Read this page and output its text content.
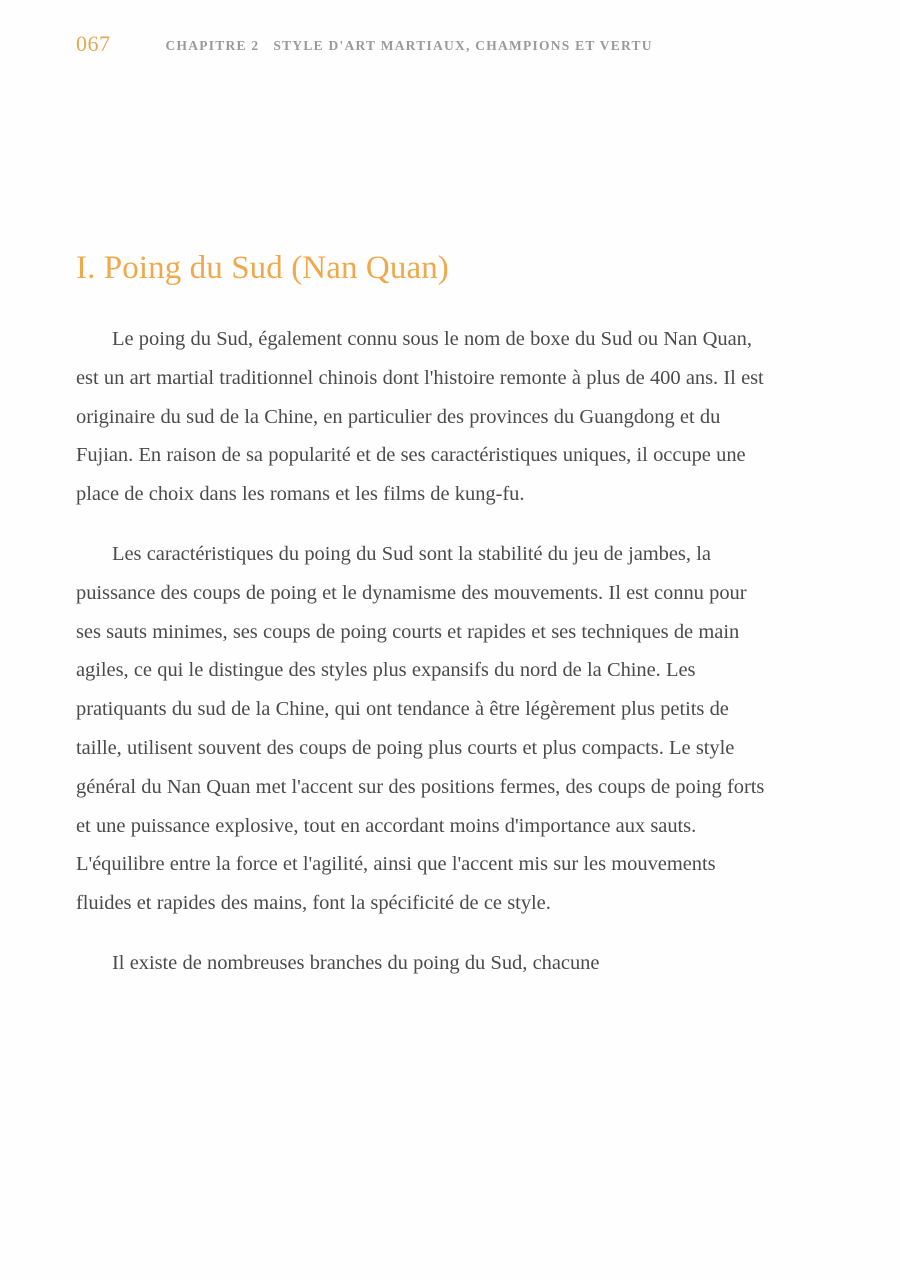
067	CHAPITRE 2 STYLE D'ART MARTIAUX, CHAMPIONS ET VERTU
I. Poing du Sud (Nan Quan)

Le poing du Sud, également connu sous le nom de boxe du Sud ou Nan Quan, est un art martial traditionnel chinois dont l'histoire remonte à plus de 400 ans. Il est originaire du sud de la Chine, en particulier des provinces du Guangdong et du Fujian. En raison de sa popularité et de ses caractéristiques uniques, il occupe une place de choix dans les romans et les films de kung-fu.

Les caractéristiques du poing du Sud sont la stabilité du jeu de jambes, la puissance des coups de poing et le dynamisme des mouvements. Il est connu pour ses sauts minimes, ses coups de poing courts et rapides et ses techniques de main agiles, ce qui le distingue des styles plus expansifs du nord de la Chine. Les pratiquants du sud de la Chine, qui ont tendance à être légèrement plus petits de taille, utilisent souvent des coups de poing plus courts et plus compacts. Le style général du Nan Quan met l'accent sur des positions fermes, des coups de poing forts et une puissance explosive, tout en accordant moins d'importance aux sauts. L'équilibre entre la force et l'agilité, ainsi que l'accent mis sur les mouvements fluides et rapides des mains, font la spécificité de ce style.

Il existe de nombreuses branches du poing du Sud, chacune
